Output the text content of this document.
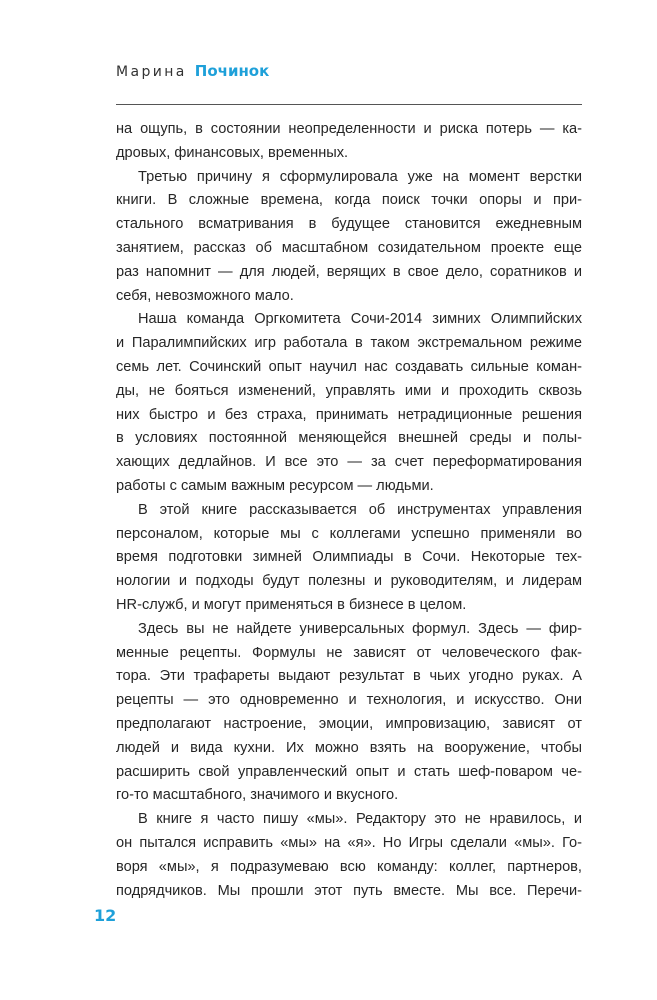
Марина Починок
на ощупь, в состоянии неопределенности и риска потерь — ка-
дровых, финансовых, временных.
Третью причину я сформулировала уже на момент верстки
книги. В сложные времена, когда поиск точки опоры и при-
стального всматривания в будущее становится ежедневным
занятием, рассказ об масштабном созидательном проекте еще
раз напомнит — для людей, верящих в свое дело, соратников и
себя, невозможного мало.
Наша команда Оргкомитета Сочи-2014 зимних Олимпийских
и Паралимпийских игр работала в таком экстремальном режиме
семь лет. Сочинский опыт научил нас создавать сильные коман-
ды, не бояться изменений, управлять ими и проходить сквозь
них быстро и без страха, принимать нетрадиционные решения
в условиях постоянной меняющейся внешней среды и полы-
хающих дедлайнов. И все это — за счет переформатирования
работы с самым важным ресурсом — людьми.
В этой книге рассказывается об инструментах управления
персоналом, которые мы с коллегами успешно применяли во
время подготовки зимней Олимпиады в Сочи. Некоторые тех-
нологии и подходы будут полезны и руководителям, и лидерам
HR-служб, и могут применяться в бизнесе в целом.
Здесь вы не найдете универсальных формул. Здесь — фир-
менные рецепты. Формулы не зависят от человеческого фак-
тора. Эти трафареты выдают результат в чьих угодно руках. А
рецепты — это одновременно и технология, и искусство. Они
предполагают настроение, эмоции, импровизацию, зависят от
людей и вида кухни. Их можно взять на вооружение, чтобы
расширить свой управленческий опыт и стать шеф-поваром че-
го-то масштабного, значимого и вкусного.
В книге я часто пишу «мы». Редактору это не нравилось, и
он пытался исправить «мы» на «я». Но Игры сделали «мы». Го-
воря «мы», я подразумеваю всю команду: коллег, партнеров,
подрядчиков. Мы прошли этот путь вместе. Мы все. Перечи-
12
